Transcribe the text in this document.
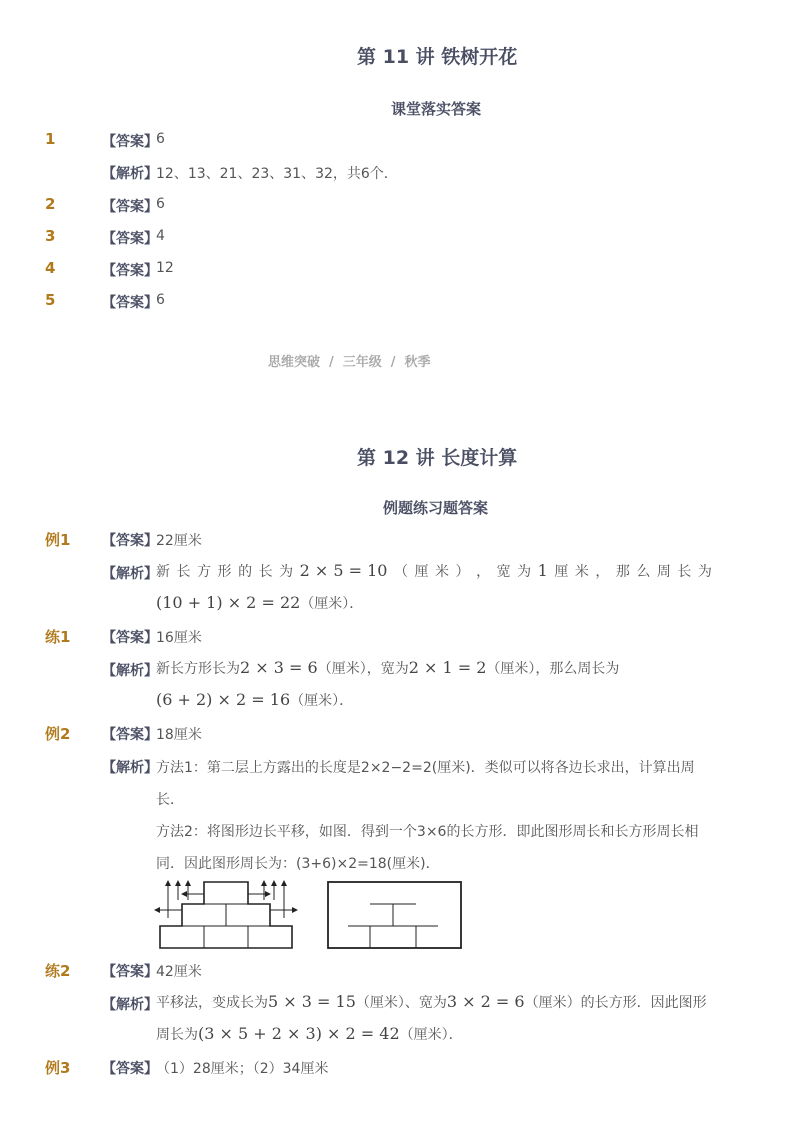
第 11 讲 铁树开花
课堂落实答案
1	【答案】
6
【解析】
12、13、21、23、31、32，共6个．
2	【答案】
6
3	【答案】
4
4	【答案】
12
5	【答案】
6
思维突破 / 三年级 / 秋季
第 12 讲 长度计算
例题练习题答案
例1 【答案】
22厘米
【解析】
新 长 方 形 的 长 为 2 × 5 = 10 （ 厘 米 ） ， 宽 为 1 厘 米 ， 那 么 周 长 为
(10 + 1) × 2 = 22（厘米）．
练1 【答案】
16厘米
【解析】
新长方形长为2 × 3 = 6（厘米），宽为2 × 1 = 2（厘米），那么周长为
(6 + 2) × 2 = 16（厘米）．
例2 【答案】
18厘米
【解析】
方法1：第二层上方露出的长度是2×2−2=2(厘米)．类似可以将各边长求出，计算出周
长．
方法2：将图形边长平移，如图．得到一个3×6的长方形．即此图形周长和长方形周长相
同．因此图形周长为：(3+6)×2=18(厘米)．
练2 【答案】
42厘米
【解析】
平移法，变成长为5 × 3 = 15（厘米）、宽为3 × 2 = 6（厘米）的长方形．因此图形
周长为(3 × 5 + 2 × 3) × 2 = 42（厘米）．
例3 【答案】
（1）28厘米；（2）34厘米
